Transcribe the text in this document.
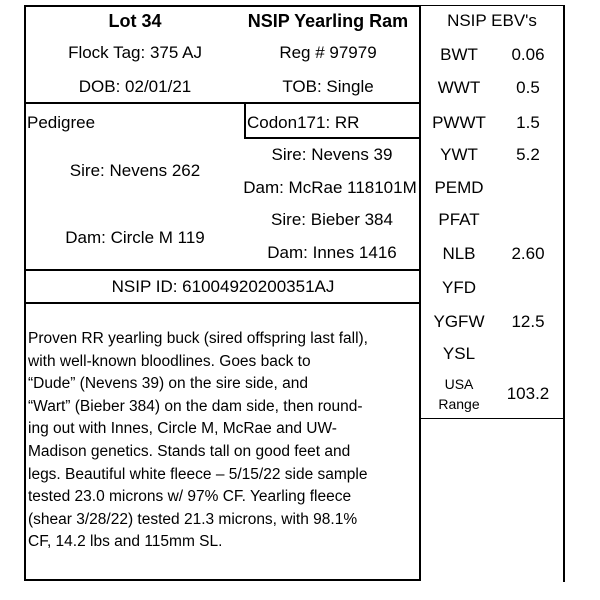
Lot 34	NSIP Yearling Ram	NSIP EBV's
Flock Tag: 375 AJ	Reg # 97979
DOB: 02/01/21	TOB: Single
Pedigree	Codon171: RR
Sire: Nevens 262
Dam: Circle M 119
Sire: Nevens 39
Dam: McRae 118101M
Sire: Bieber 384
Dam: Innes 1416
NSIP ID: 61004920200351AJ
Proven RR yearling buck (sired offspring last fall),
with well-known bloodlines. Goes back to
“Dude” (Nevens 39) on the sire side, and
“Wart” (Bieber 384) on the dam side, then round-
ing out with Innes, Circle M, McRae and UW-
Madison genetics. Stands tall on good feet and
legs. Beautiful white fleece – 5/15/22 side sample
tested 23.0 microns w/ 97% CF. Yearling fleece
(shear 3/28/22) tested 21.3 microns, with 98.1%
CF, 14.2 lbs and 115mm SL.
BWT	0.06
WWT	0.5
PWWT	1.5
YWT	5.2
PEMD
PFAT
NLB	2.60
YFD
YGFW	12.5
YSL
USA
Range
103.2
